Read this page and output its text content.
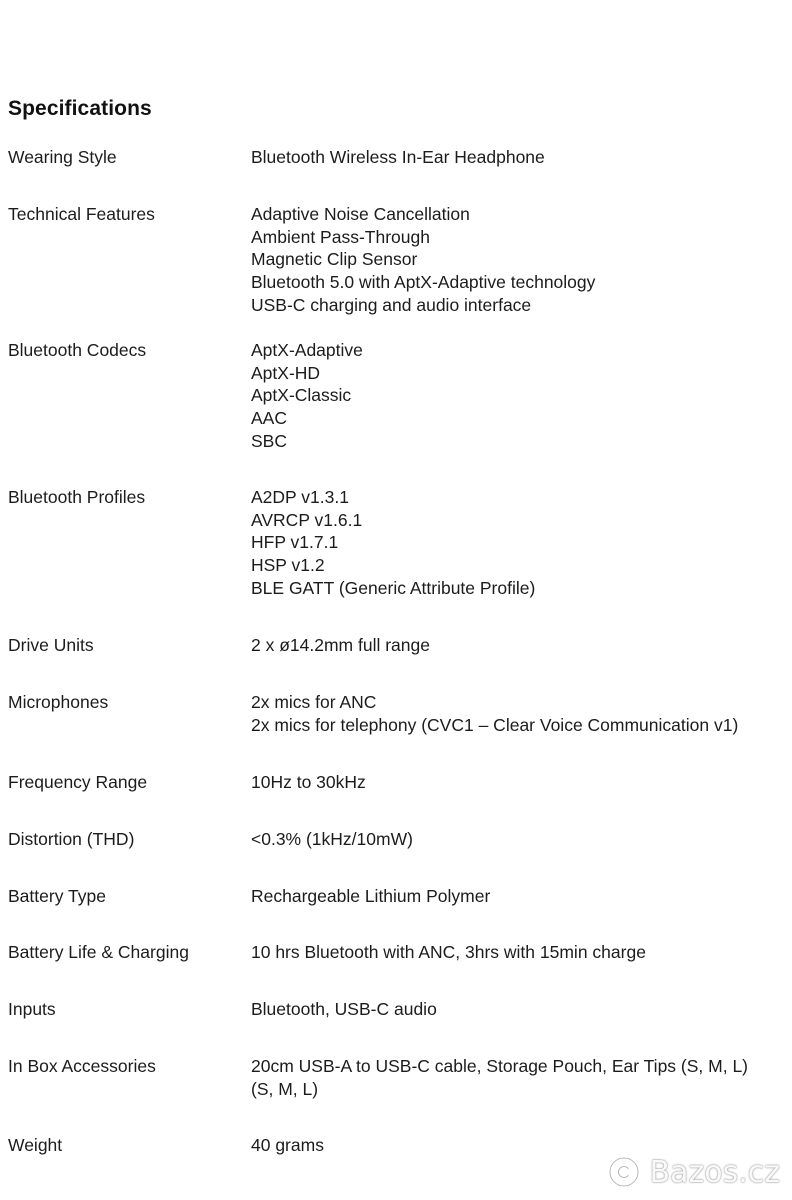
Specifications
Wearing Style	Bluetooth Wireless In-Ear Headphone
Technical Features	Adaptive Noise Cancellation
Ambient Pass-Through
Magnetic Clip Sensor
Bluetooth 5.0 with AptX-Adaptive technology
USB-C charging and audio interface
Bluetooth Codecs	AptX-Adaptive
AptX-HD
AptX-Classic
AAC
SBC
Bluetooth Profiles	A2DP v1.3.1
AVRCP v1.6.1
HFP v1.7.1
HSP v1.2
BLE GATT (Generic Attribute Profile)
Drive Units	2 x ø14.2mm full range
Microphones	2x mics for ANC
2x mics for telephony (CVC1 – Clear Voice Communication v1)
Frequency Range	10Hz to 30kHz
Distortion (THD)	<0.3% (1kHz/10mW)
Battery Type	Rechargeable Lithium Polymer
Battery Life & Charging	10 hrs Bluetooth with ANC, 3hrs with 15min charge
Inputs	Bluetooth, USB-C audio
In Box Accessories	20cm USB-A to USB-C cable, Storage Pouch, Ear Tips (S, M, L)
(S, M, L)
Weight	40 grams
Bazos.cz
